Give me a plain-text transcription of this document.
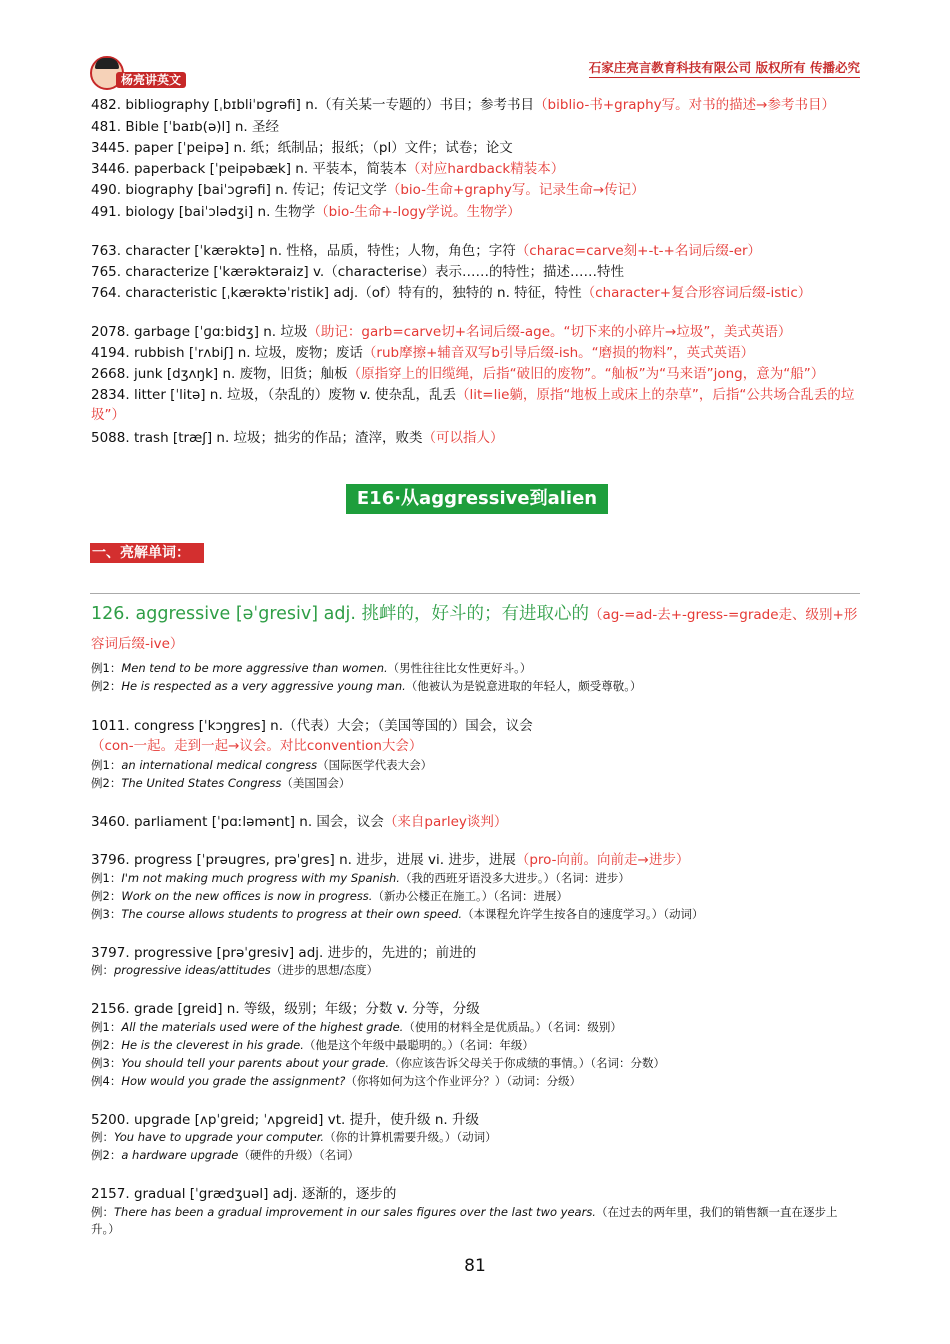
杨亮讲英文
石家庄亮言教育科技有限公司 版权所有 传播必究
482. bibliography [ˌbɪbliˈɒɡrəfi] n.（有关某一专题的）书目；参考书目（biblio-书+graphy写。对书的描述→参考书目）
481. Bible [ˈbaɪb(ə)l] n. 圣经
3445. paper [ˈpeipə] n. 纸；纸制品；报纸；（pl）文件；试卷；论文
3446. paperback [ˈpeipəbæk] n. 平装本，简装本（对应hardback精装本）
490. biography [baiˈɔɡrəfi] n. 传记；传记文学（bio-生命+graphy写。记录生命→传记）
491. biology [baiˈɔlədʒi] n. 生物学（bio-生命+-logy学说。生物学）
763. character [ˈkærəktə] n. 性格，品质，特性；人物，角色；字符（charac=carve刻+-t-+名词后缀-er）
765. characterize [ˈkærəktəraiz] v.（characterise）表示……的特性；描述……特性
764. characteristic [ˌkærəktəˈristik] adj.（of）特有的，独特的 n. 特征，特性（character+复合形容词后缀-istic）
2078. garbage [ˈɡɑːbidʒ] n. 垃圾（助记：garb=carve切+名词后缀-age。“切下来的小碎片→垃圾”，美式英语）
4194. rubbish [ˈrʌbiʃ] n. 垃圾，废物；废话（rub摩擦+辅音双写b引导后缀-ish。“磨损的物料”，英式英语）
2668. junk [dʒʌŋk] n. 废物，旧货；舢板（原指穿上的旧缆绳，后指“破旧的废物”。“舢板”为“马来语”jong，意为“船”）
2834. litter [ˈlitə] n. 垃圾，（杂乱的）废物 v. 使杂乱，乱丢（lit=lie躺，原指“地板上或床上的杂草”，后指“公共场合乱丢的垃圾”）
5088. trash [træʃ] n. 垃圾；拙劣的作品；渣滓，败类（可以指人）
E16·从aggressive到alien
一、亮解单词：
126. aggressive [əˈgresiv] adj. 挑衅的，好斗的；有进取心的（ag-=ad-去+-gress-=grade走、级别+形容词后缀-ive）
例1：Men tend to be more aggressive than women.（男性往往比女性更好斗。）
例2：He is respected as a very aggressive young man.（他被认为是锐意进取的年轻人，颇受尊敬。）
1011. congress [ˈkɔŋgres] n.（代表）大会；（美国等国的）国会，议会（con-一起。走到一起→议会。对比convention大会）
例1：an international medical congress（国际医学代表大会）
例2：The United States Congress（美国国会）
3460. parliament [ˈpɑːləmənt] n. 国会，议会（来自parley谈判）
3796. progress [ˈprəugres, prəˈgres] n. 进步，进展 vi. 进步，进展（pro-向前。向前走→进步）
例1：I'm not making much progress with my Spanish.（我的西班牙语没多大进步。）（名词：进步）
例2：Work on the new offices is now in progress.（新办公楼正在施工。）（名词：进展）
例3：The course allows students to progress at their own speed.（本课程允许学生按各自的速度学习。）（动词）
3797. progressive [prəˈgresiv] adj. 进步的，先进的；前进的
例：progressive ideas/attitudes（进步的思想/态度）
2156. grade [greid] n. 等级，级别；年级；分数 v. 分等，分级
例1：All the materials used were of the highest grade.（使用的材料全是优质品。）（名词：级别）
例2：He is the cleverest in his grade.（他是这个年级中最聪明的。）（名词：年级）
例3：You should tell your parents about your grade.（你应该告诉父母关于你成绩的事情。）（名词：分数）
例4：How would you grade the assignment?（你将如何为这个作业评分？）（动词：分级）
5200. upgrade [ʌpˈgreid; ˈʌpgreid] vt. 提升，使升级 n. 升级
例：You have to upgrade your computer.（你的计算机需要升级。）（动词）
例2：a hardware upgrade（硬件的升级）（名词）
2157. gradual [ˈgrædʒuəl] adj. 逐渐的，逐步的
例：There has been a gradual improvement in our sales figures over the last two years.（在过去的两年里，我们的销售额一直在逐步上升。）
81
